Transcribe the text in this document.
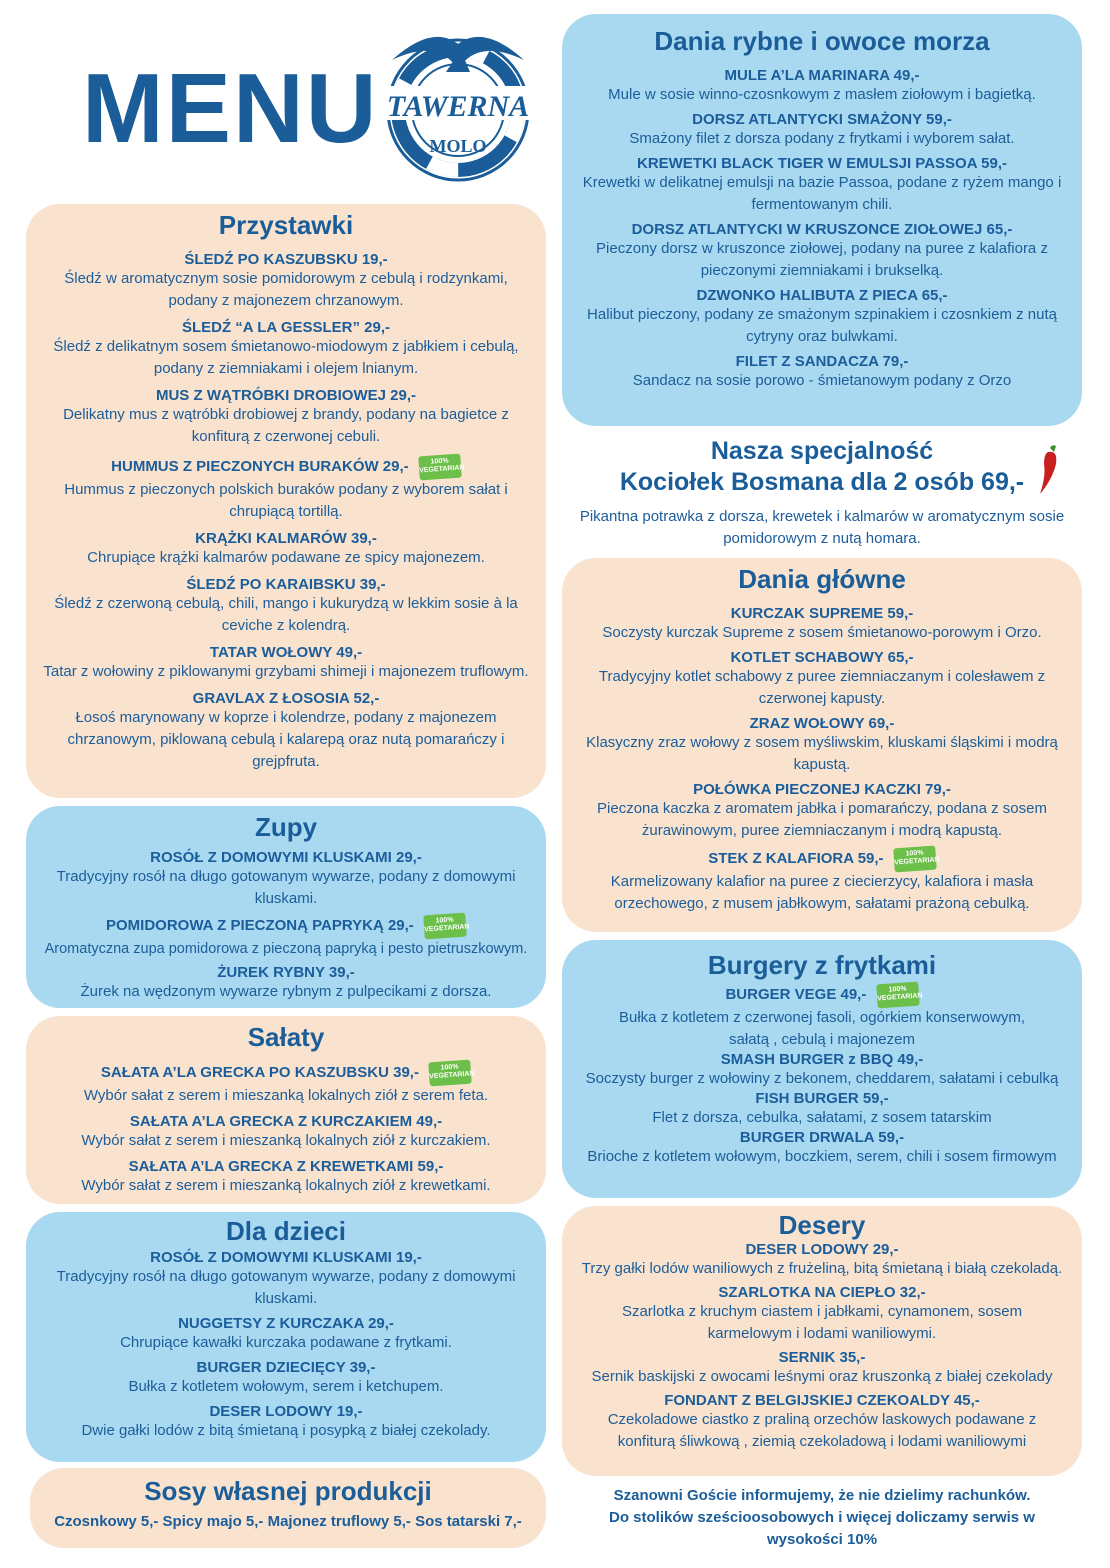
MENU TAWERNA
MOLO
Przystawki
ŚLEDŹ PO KASZUBSKU 19,-
Śledź w aromatycznym sosie pomidorowym z cebulą i rodzynkami, podany z majonezem chrzanowym.
ŚLEDŹ “A LA GESSLER” 29,-
Śledź z delikatnym sosem śmietanowo-miodowym z jabłkiem i cebulą, podany z ziemniakami i olejem lnianym.
MUS Z WĄTRÓBKI DROBIOWEJ 29,-
Delikatny mus z wątróbki drobiowej z brandy, podany na bagietce z konfiturą z czerwonej cebuli.
HUMMUS Z PIECZONYCH BURAKÓW 29,-	100%
VEGETARIAN
Hummus z pieczonych polskich buraków podany z wyborem sałat i chrupiącą tortillą.
KRĄŻKI KALMARÓW 39,-
Chrupiące krążki kalmarów podawane ze spicy majonezem.
ŚLEDŹ PO KARAIBSKU 39,-
Śledź z czerwoną cebulą, chili, mango i kukurydzą w lekkim sosie à la ceviche z kolendrą.
TATAR WOŁOWY 49,-
Tatar z wołowiny z piklowanymi grzybami shimeji i majonezem truflowym.
GRAVLAX Z ŁOSOSIA 52,-
Łosoś marynowany w koprze i kolendrze, podany z majonezem chrzanowym, piklowaną cebulą i kalarepą oraz nutą pomarańczy i grejpfruta.
Zupy
ROSÓŁ Z DOMOWYMI KLUSKAMI 29,-
Tradycyjny rosół na długo gotowanym wywarze, podany z domowymi kluskami.
POMIDOROWA Z PIECZONĄ PAPRYKĄ 29,-	100%
VEGETARIAN
Aromatyczna zupa pomidorowa z pieczoną papryką i pesto pietruszkowym.
ŻUREK RYBNY 39,-
Żurek na wędzonym wywarze rybnym z pulpecikami z dorsza.
Sałaty
SAŁATA A’LA GRECKA PO KASZUBSKU 39,-	100%
VEGETARIAN
Wybór sałat z serem i mieszanką lokalnych ziół z serem feta.
SAŁATA A’LA GRECKA Z KURCZAKIEM 49,-
Wybór sałat z serem i mieszanką lokalnych ziół z kurczakiem.
SAŁATA A’LA GRECKA Z KREWETKAMI 59,-
Wybór sałat z serem i mieszanką lokalnych ziół z krewetkami.
Dla dzieci
ROSÓŁ Z DOMOWYMI KLUSKAMI 19,-
Tradycyjny rosół na długo gotowanym wywarze, podany z domowymi kluskami.
NUGGETSY Z KURCZAKA 29,-
Chrupiące kawałki kurczaka podawane z frytkami.
BURGER DZIECIĘCY 39,-
Bułka z kotletem wołowym, serem i ketchupem.
DESER LODOWY 19,-
Dwie gałki lodów z bitą śmietaną i posypką z białej czekolady.
Sosy własnej produkcji
Czosnkowy 5,- Spicy majo 5,- Majonez truflowy 5,- Sos tatarski 7,-
Dania rybne i owoce morza
MULE A’LA MARINARA 49,-
Mule w sosie winno-czosnkowym z masłem ziołowym i bagietką.
DORSZ ATLANTYCKI SMAŻONY 59,-
Smażony filet z dorsza podany z frytkami i wyborem sałat.
KREWETKI BLACK TIGER W EMULSJI PASSOA 59,-
Krewetki w delikatnej emulsji na bazie Passoa, podane z ryżem mango i fermentowanym chili.
DORSZ ATLANTYCKI W KRUSZONCE ZIOŁOWEJ 65,-
Pieczony dorsz w kruszonce ziołowej, podany na puree z kalafiora z pieczonymi ziemniakami i brukselką.
DZWONKO HALIBUTA Z PIECA 65,-
Halibut pieczony, podany ze smażonym szpinakiem i czosnkiem z nutą cytryny oraz bulwkami.
FILET Z SANDACZA 79,-
Sandacz na sosie porowo - śmietanowym podany z Orzo
Nasza specjalność
Kociołek Bosmana dla 2 osób 69,-
Pikantna potrawka z dorsza, krewetek i kalmarów w aromatycznym sosie pomidorowym z nutą homara.
Dania główne
KURCZAK SUPREME 59,-
Soczysty kurczak Supreme z sosem śmietanowo-porowym i Orzo.
KOTLET SCHABOWY 65,-
Tradycyjny kotlet schabowy z puree ziemniaczanym i colesławem z czerwonej kapusty.
ZRAZ WOŁOWY 69,-
Klasyczny zraz wołowy z sosem myśliwskim, kluskami śląskimi i modrą kapustą.
POŁÓWKA PIECZONEJ KACZKI 79,-
Pieczona kaczka z aromatem jabłka i pomarańczy, podana z sosem żurawinowym, puree ziemniaczanym i modrą kapustą.
STEK Z KALAFIORA 59,-	100%
VEGETARIAN
Karmelizowany kalafior na puree z ciecierzycy, kalafiora i masła orzechowego, z musem jabłkowym, sałatami prażoną cebulką.
Burgery z frytkami
BURGER VEGE 49,-	100%
VEGETARIAN
Bułka z kotletem z czerwonej fasoli, ogórkiem konserwowym, sałatą , cebulą i majonezem
SMASH BURGER z BBQ 49,-
Soczysty burger z wołowiny z bekonem, cheddarem, sałatami i cebulką
FISH BURGER 59,-
Flet z dorsza, cebulka, sałatami, z sosem tatarskim
BURGER DRWALA 59,-
Brioche z kotletem wołowym, boczkiem, serem, chili i sosem firmowym
Desery
DESER LODOWY 29,-
Trzy gałki lodów waniliowych z frużeliną, bitą śmietaną i białą czekoladą.
SZARLOTKA NA CIEPŁO 32,-
Szarlotka z kruchym ciastem i jabłkami, cynamonem, sosem karmelowym i lodami waniliowymi.
SERNIK 35,-
Sernik baskijski z owocami leśnymi oraz kruszonką z białej czekolady
FONDANT Z BELGIJSKIEJ CZEKOALDY 45,-
Czekoladowe ciastko z praliną orzechów laskowych podawane z konfiturą śliwkową , ziemią czekoladową i lodami waniliowymi
Szanowni Goście informujemy, że nie dzielimy rachunków.
Do stolików sześcioosobowych i więcej doliczamy serwis w wysokości 10%
